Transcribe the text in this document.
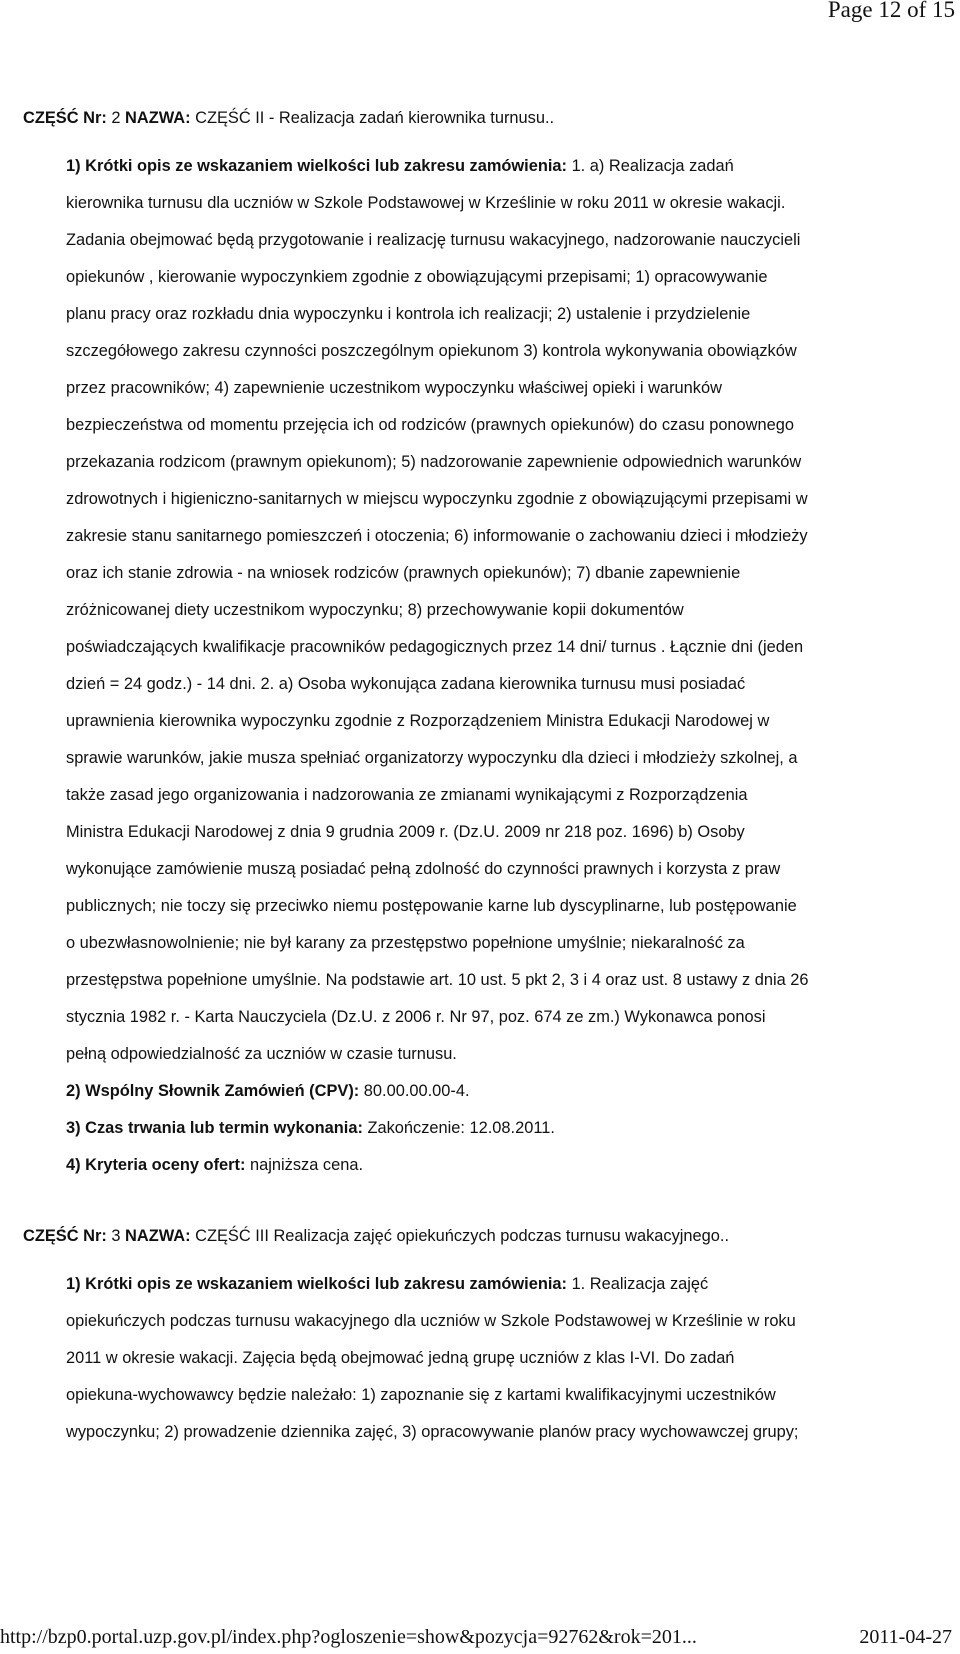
Page 12 of 15
CZĘŚĆ Nr: 2 NAZWA: CZĘŚĆ II - Realizacja zadań kierownika turnusu..
1) Krótki opis ze wskazaniem wielkości lub zakresu zamówienia: 1. a) Realizacja zadań
kierownika turnusu dla uczniów w Szkole Podstawowej w Krześlinie w roku 2011 w okresie wakacji.
Zadania obejmować będą przygotowanie i realizację turnusu wakacyjnego, nadzorowanie nauczycieli
opiekunów , kierowanie wypoczynkiem zgodnie z obowiązującymi przepisami; 1) opracowywanie
planu pracy oraz rozkładu dnia wypoczynku i kontrola ich realizacji; 2) ustalenie i przydzielenie
szczegółowego zakresu czynności poszczególnym opiekunom 3) kontrola wykonywania obowiązków
przez pracowników; 4) zapewnienie uczestnikom wypoczynku właściwej opieki i warunków
bezpieczeństwa od momentu przejęcia ich od rodziców (prawnych opiekunów) do czasu ponownego
przekazania rodzicom (prawnym opiekunom); 5) nadzorowanie zapewnienie odpowiednich warunków
zdrowotnych i higieniczno-sanitarnych w miejscu wypoczynku zgodnie z obowiązującymi przepisami w
zakresie stanu sanitarnego pomieszczeń i otoczenia; 6) informowanie o zachowaniu dzieci i młodzieży
oraz ich stanie zdrowia - na wniosek rodziców (prawnych opiekunów); 7) dbanie zapewnienie
zróżnicowanej diety uczestnikom wypoczynku; 8) przechowywanie kopii dokumentów
poświadczających kwalifikacje pracowników pedagogicznych przez 14 dni/ turnus . Łącznie dni (jeden
dzień = 24 godz.) - 14 dni. 2. a) Osoba wykonująca zadana kierownika turnusu musi posiadać
uprawnienia kierownika wypoczynku zgodnie z Rozporządzeniem Ministra Edukacji Narodowej w
sprawie warunków, jakie musza spełniać organizatorzy wypoczynku dla dzieci i młodzieży szkolnej, a
także zasad jego organizowania i nadzorowania ze zmianami wynikającymi z Rozporządzenia
Ministra Edukacji Narodowej z dnia 9 grudnia 2009 r. (Dz.U. 2009 nr 218 poz. 1696) b) Osoby
wykonujące zamówienie muszą posiadać pełną zdolność do czynności prawnych i korzysta z praw
publicznych; nie toczy się przeciwko niemu postępowanie karne lub dyscyplinarne, lub postępowanie
o ubezwłasnowolnienie; nie był karany za przestępstwo popełnione umyślnie; niekaralność za
przestępstwa popełnione umyślnie. Na podstawie art. 10 ust. 5 pkt 2, 3 i 4 oraz ust. 8 ustawy z dnia 26
stycznia 1982 r. - Karta Nauczyciela (Dz.U. z 2006 r. Nr 97, poz. 674 ze zm.) Wykonawca ponosi
pełną odpowiedzialność za uczniów w czasie turnusu.
2) Wspólny Słownik Zamówień (CPV): 80.00.00.00-4.
3) Czas trwania lub termin wykonania: Zakończenie: 12.08.2011.
4) Kryteria oceny ofert: najniższa cena.
CZĘŚĆ Nr: 3 NAZWA: CZĘŚĆ III Realizacja zajęć opiekuńczych podczas turnusu wakacyjnego..
1) Krótki opis ze wskazaniem wielkości lub zakresu zamówienia: 1. Realizacja zajęć
opiekuńczych podczas turnusu wakacyjnego dla uczniów w Szkole Podstawowej w Krześlinie w roku
2011 w okresie wakacji. Zajęcia będą obejmować jedną grupę uczniów z klas I-VI. Do zadań
opiekuna-wychowawcy będzie należało: 1) zapoznanie się z kartami kwalifikacyjnymi uczestników
wypoczynku; 2) prowadzenie dziennika zajęć, 3) opracowywanie planów pracy wychowawczej grupy;
http://bzp0.portal.uzp.gov.pl/index.php?ogloszenie=show&pozycja=92762&rok=201...	2011-04-27
